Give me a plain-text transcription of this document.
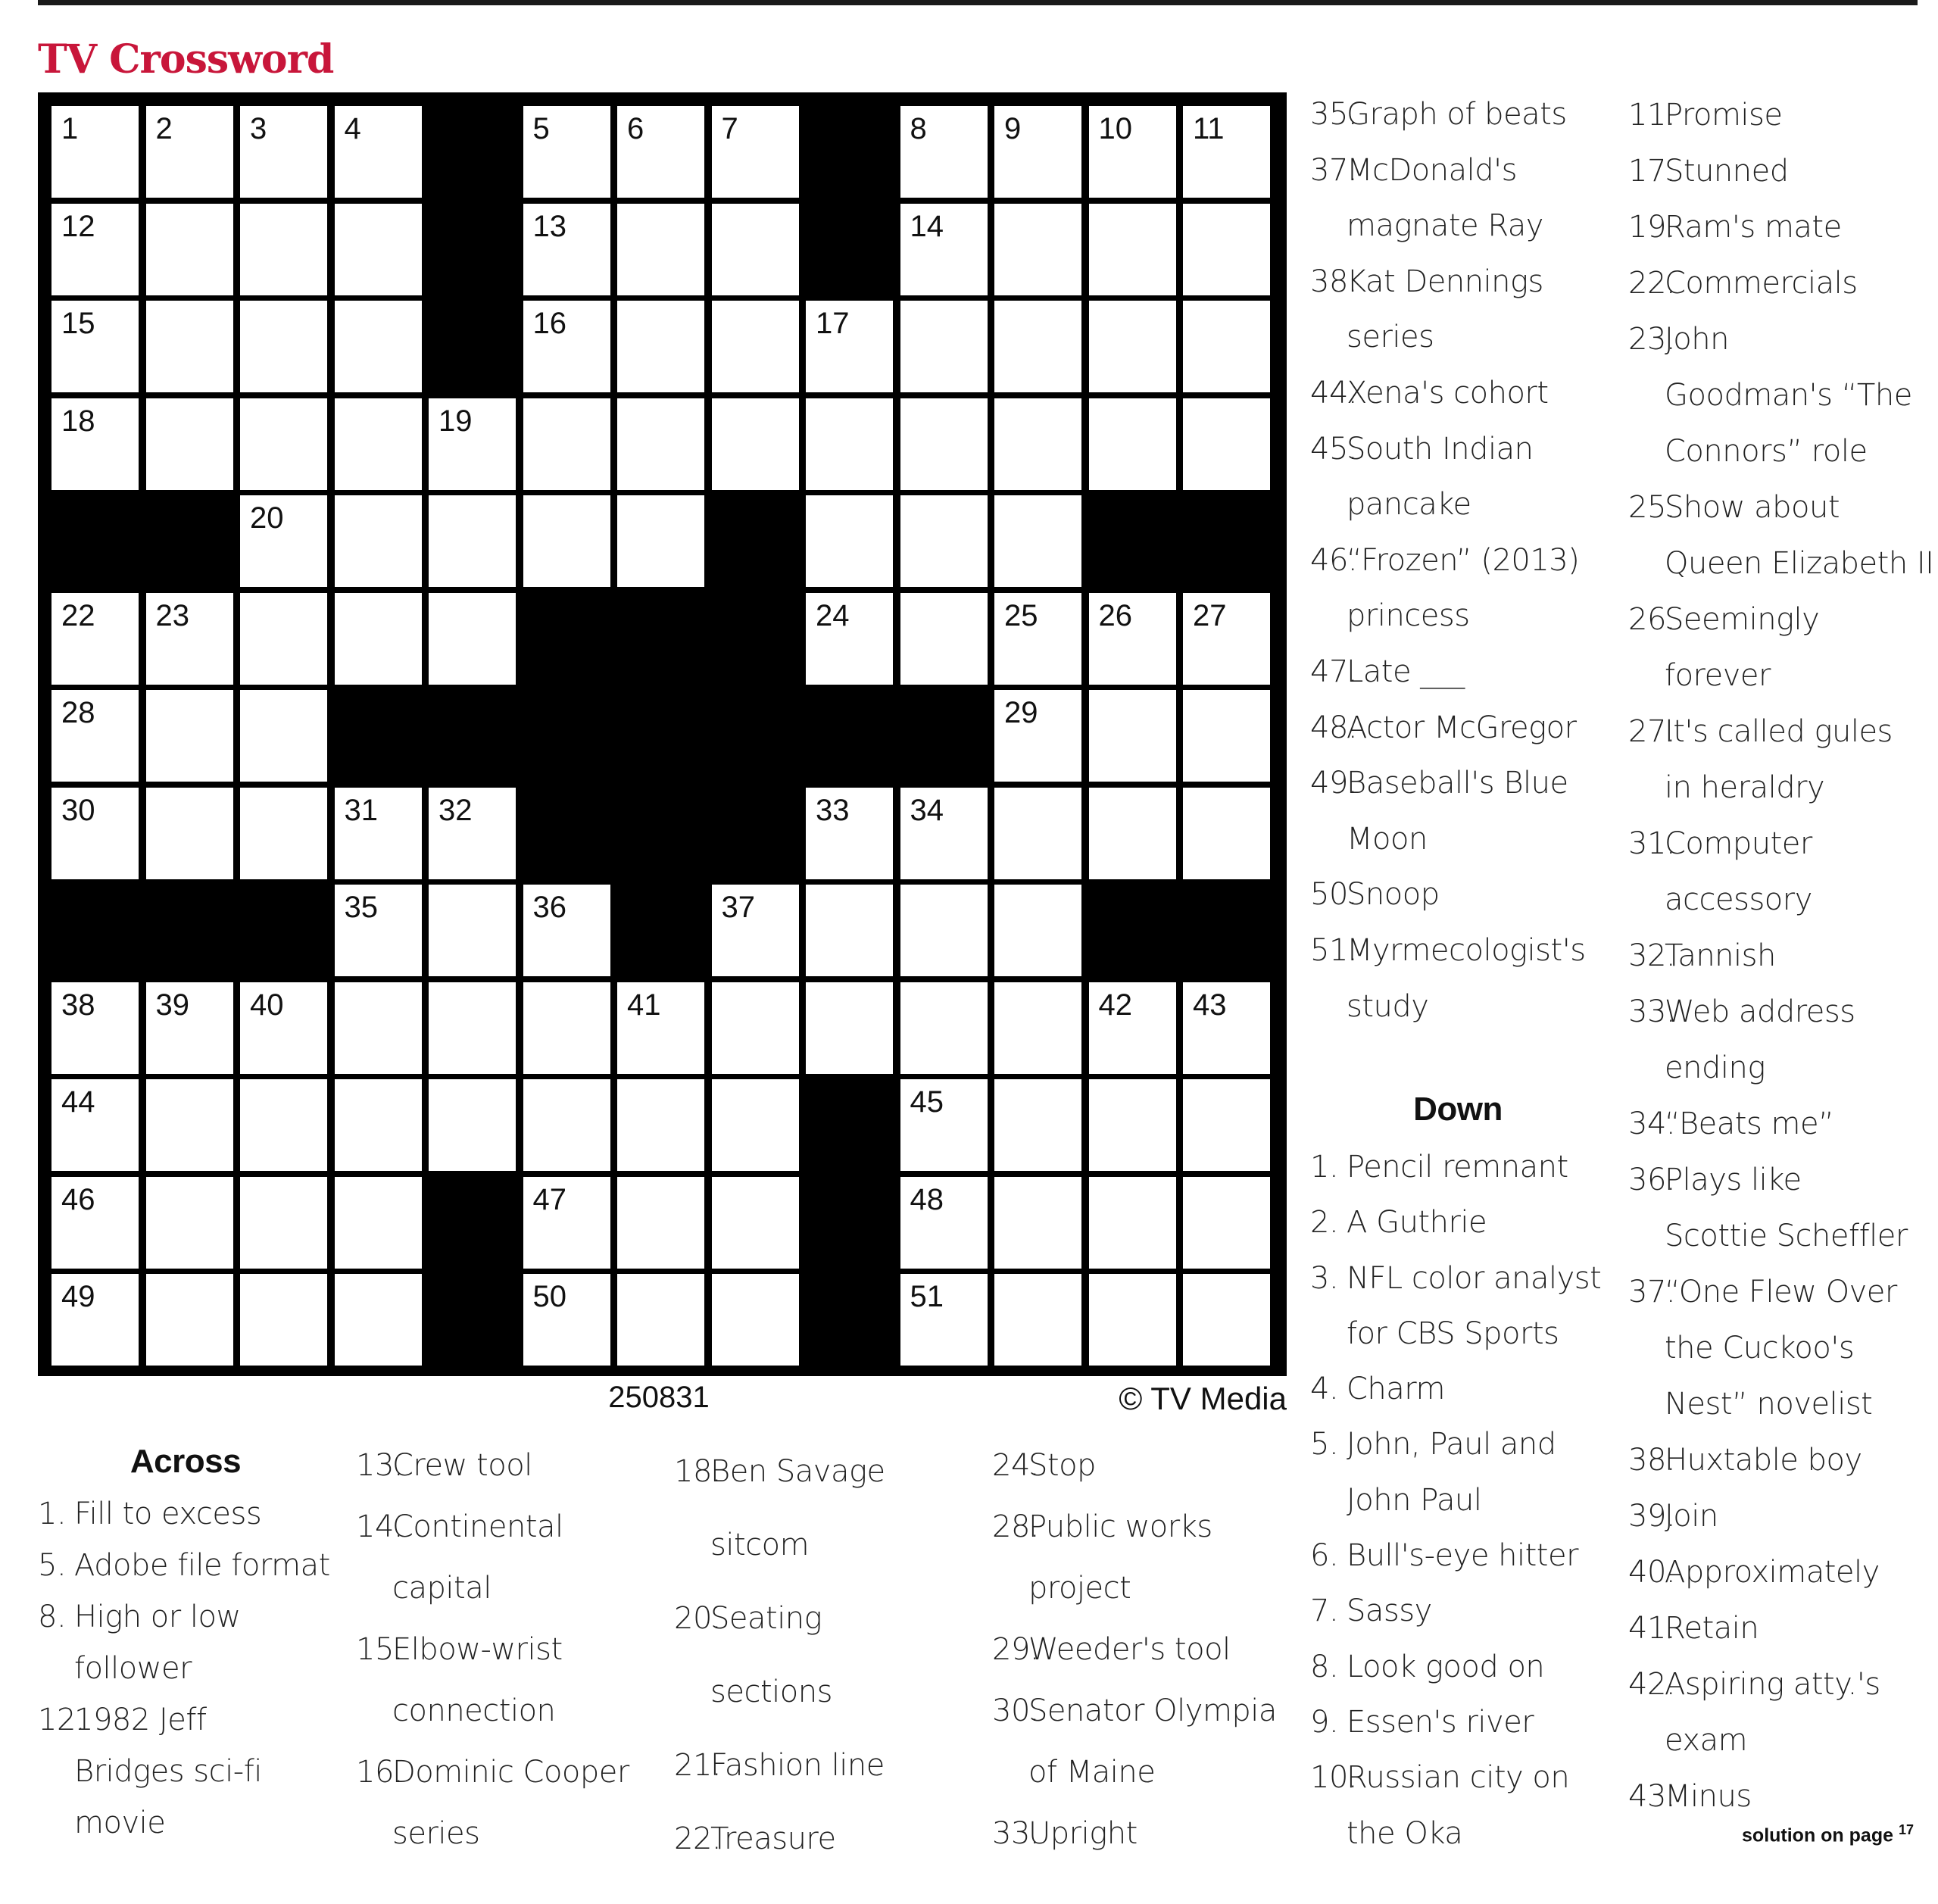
TV Crossword
1	2	3	4	5	6	7	8	9	10 11
12	13	14
15	16	17
18	19
20
22 23	24	25 26 27
28	29
30	31 32	33 34
35	36	37
38 39 40	41	42 43
44	45
46	47	48
49	50	51
250831	© TV Media
Across
1. Fill to excess
5. Adobe file format
8. High or low
follower
12.
1982 Jeff
Bridges sci-fi
movie
13.
Crew tool
14.
Continental
capital
15.
Elbow-wrist
connection
16.
Dominic Cooper
series
18.
Ben Savage
sitcom
20.
Seating
sections
21.
Fashion line
22.
Treasure
24.
Stop
28.
Public works
project
29.
Weeder's tool
30.
Senator Olympia
of Maine
33.
Upright
35.
Graph of beats
37.
McDonald's
magnate Ray
38.
Kat Dennings
series
44.
Xena's cohort
45.
South Indian
pancake
46.
“Frozen” (2013)
princess
47.
Late ___
48.
Actor McGregor
49.
Baseball's Blue
Moon
50.
Snoop
51.
Myrmecologist's
study
Down
1. Pencil remnant
2. A Guthrie
3. NFL color analyst
for CBS Sports
4. Charm
5. John, Paul and
John Paul
6. Bull's-eye hitter
7. Sassy
8. Look good on
9. Essen's river
10.
Russian city on
the Oka
11.
Promise
17.
Stunned
19.
Ram's mate
22.
Commercials
23.
John
Goodman's “The
Connors” role
25.
Show about
Queen Elizabeth II
26.
Seemingly
forever
27.
It's called gules
in heraldry
31.
Computer
accessory
32.
Tannish
33.
Web address
ending
34.
“Beats me”
36.
Plays like
Scottie Scheffler
37.
“One Flew Over
the Cuckoo's
Nest” novelist
38.
Huxtable boy
39.
Join
40.
Approximately
41.
Retain
42.
Aspiring atty.'s
exam
43.
Minus
solution on page $^{17}$
